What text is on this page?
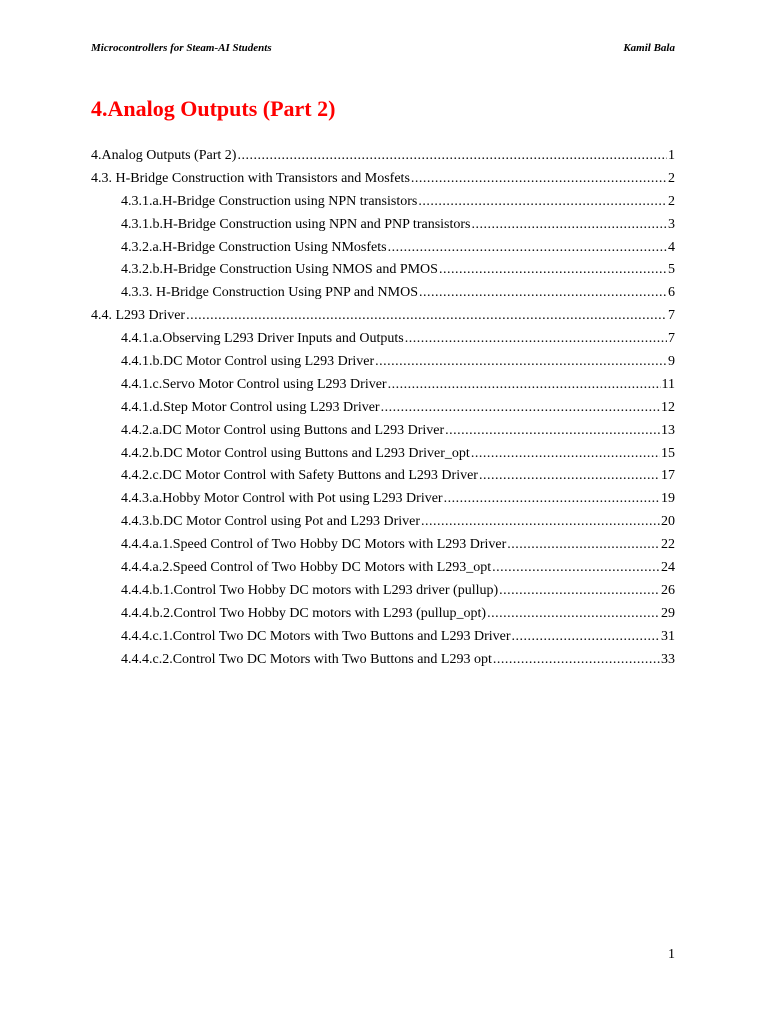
Microcontrollers for Steam-AI Students	Kamil Bala
4.Analog Outputs (Part 2)
4.Analog Outputs (Part 2) .....	1
4.3. H-Bridge Construction with Transistors and Mosfets .....	2
4.3.1.a.H-Bridge Construction using NPN transistors .....	2
4.3.1.b.H-Bridge Construction using NPN and PNP transistors .....	3
4.3.2.a.H-Bridge Construction Using NMosfets .....	4
4.3.2.b.H-Bridge Construction Using NMOS and PMOS .....	5
4.3.3. H-Bridge Construction Using PNP and NMOS .....	6
4.4. L293 Driver .....	7
4.4.1.a.Observing L293 Driver Inputs and Outputs .....	7
4.4.1.b.DC Motor Control using L293 Driver .....	9
4.4.1.c.Servo Motor Control using L293 Driver .....	11
4.4.1.d.Step Motor Control using L293 Driver .....	12
4.4.2.a.DC Motor Control using Buttons and L293 Driver .....	13
4.4.2.b.DC Motor Control using Buttons and L293 Driver_opt .....	15
4.4.2.c.DC Motor Control with Safety Buttons and L293 Driver .....	17
4.4.3.a.Hobby Motor Control with Pot using L293 Driver .....	19
4.4.3.b.DC Motor Control using Pot and L293 Driver .....	20
4.4.4.a.1.Speed Control of Two Hobby DC Motors with L293 Driver .....	22
4.4.4.a.2.Speed Control of Two Hobby DC Motors with L293_opt .....	24
4.4.4.b.1.Control Two Hobby DC motors with L293 driver (pullup) .....	26
4.4.4.b.2.Control Two Hobby DC motors with L293 (pullup_opt) .....	29
4.4.4.c.1.Control Two DC Motors with Two Buttons and L293 Driver .....	31
4.4.4.c.2.Control Two DC Motors with Two Buttons and L293 opt .....	33
1
